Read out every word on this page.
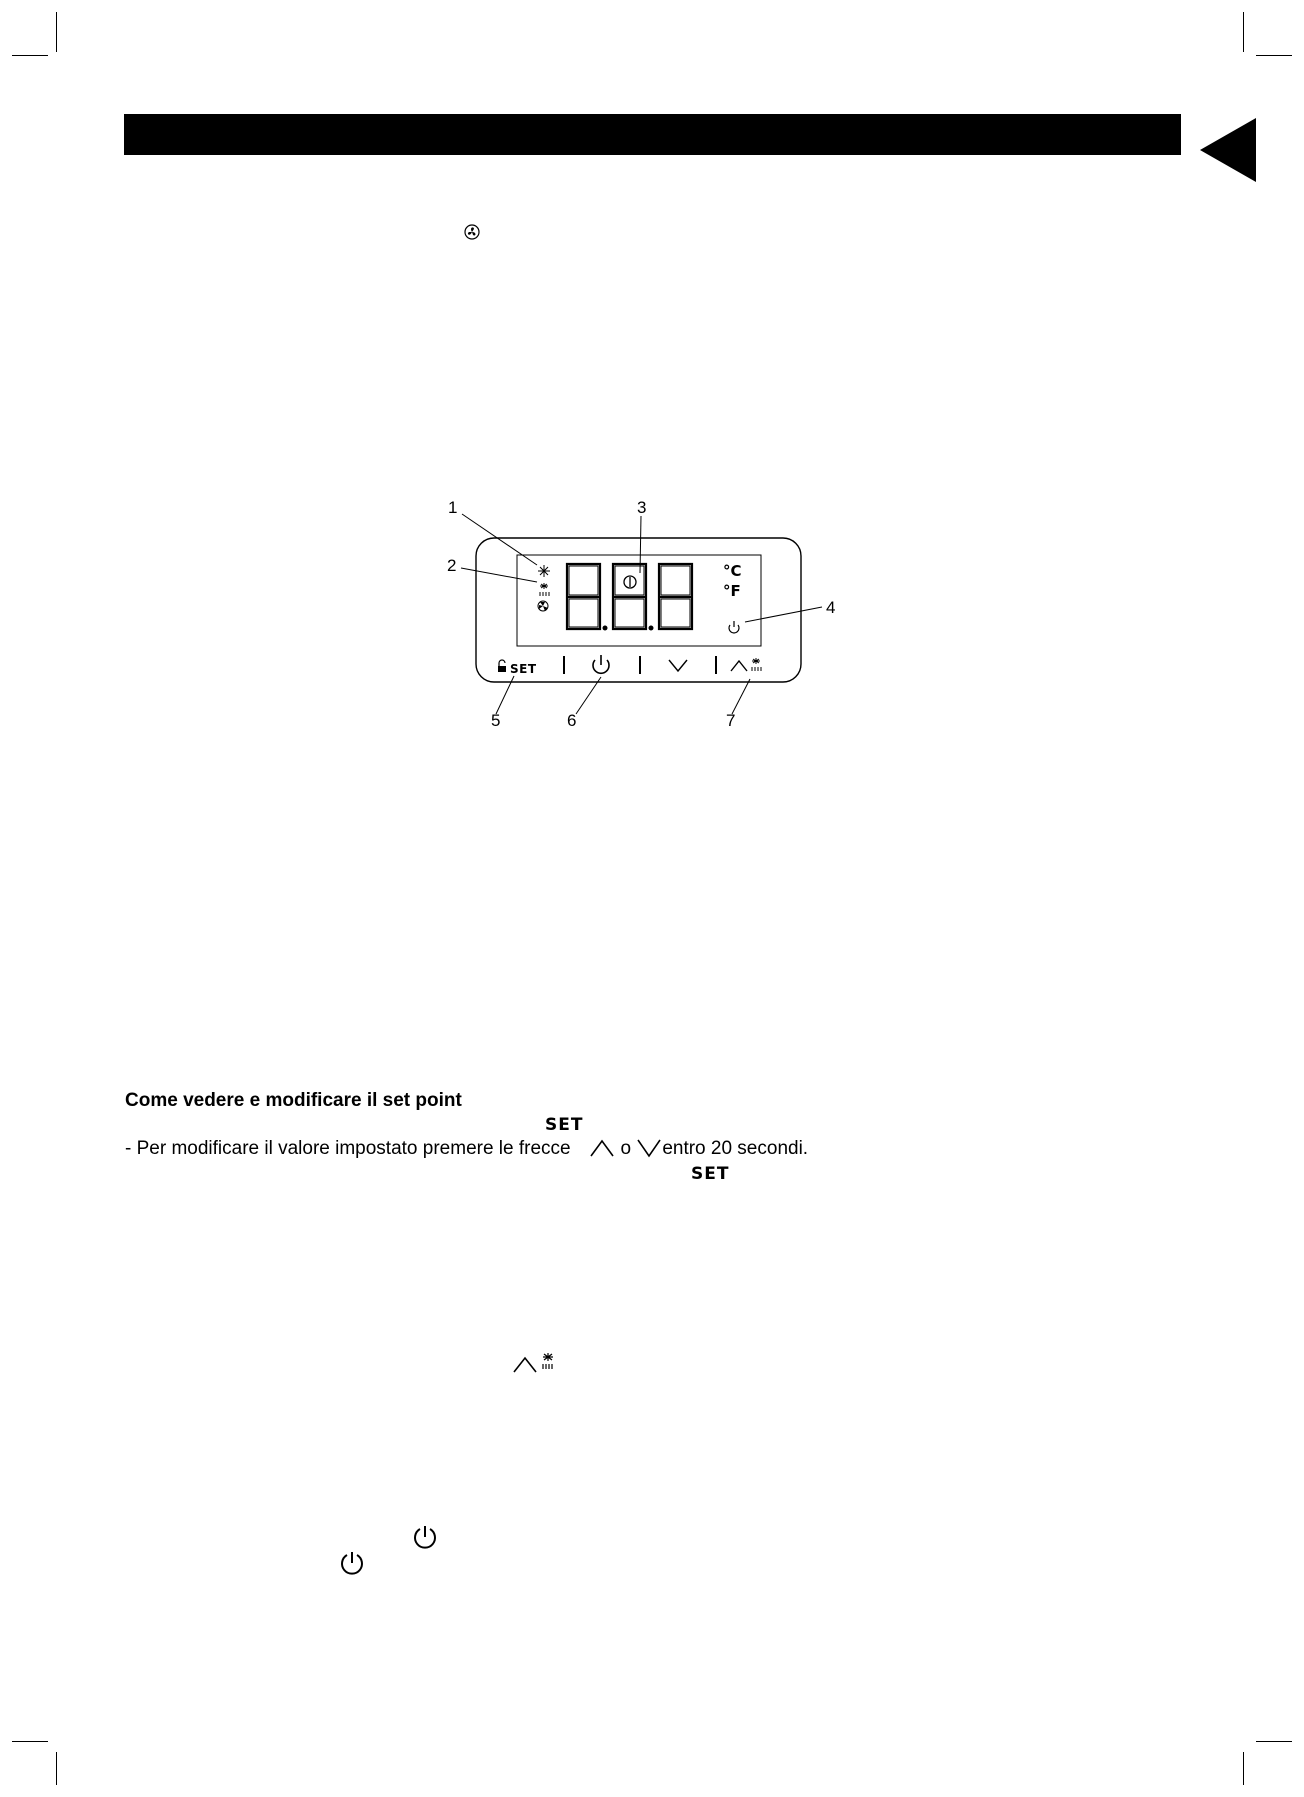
°C
°F
SET
1
2
3
4
5	6	7
Come vedere e modificare il set point
SET
- Per modificare il valore impostato premere le frecce	o entro 20 secondi.
SET
